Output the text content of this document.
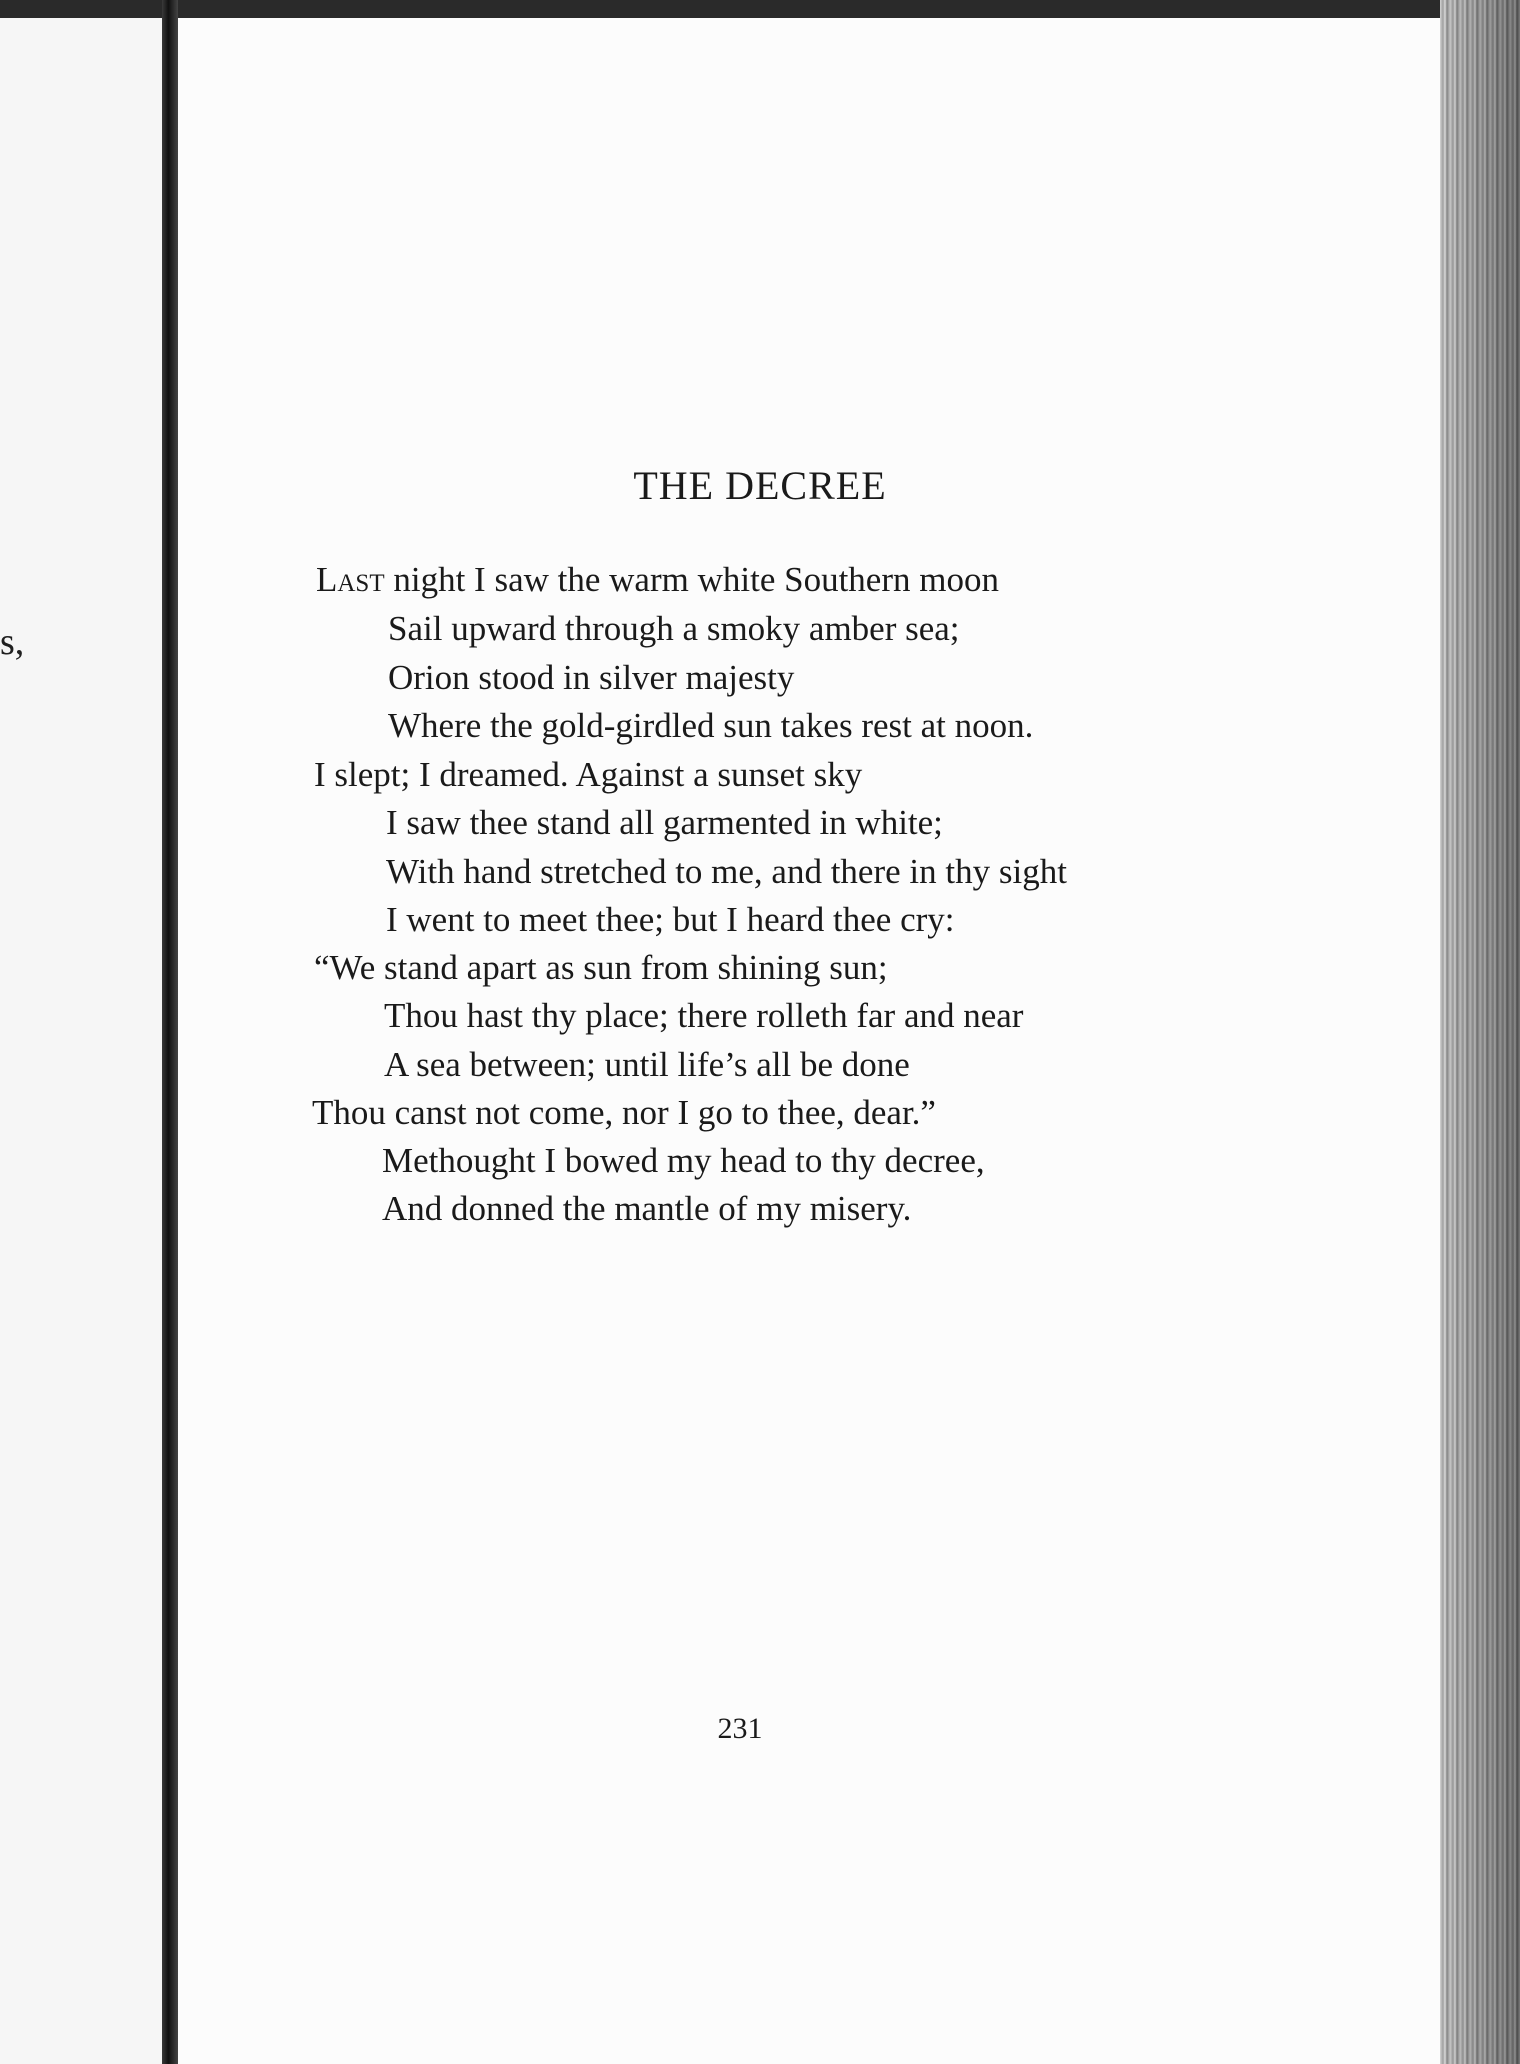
s,
THE DECREE
Last night I saw the warm white Southern moon
Sail upward through a smoky amber sea;
Orion stood in silver majesty
Where the gold-girdled sun takes rest at noon.
I slept; I dreamed. Against a sunset sky
I saw thee stand all garmented in white;
With hand stretched to me, and there in thy sight
I went to meet thee; but I heard thee cry:
“We stand apart as sun from shining sun;
Thou hast thy place; there rolleth far and near
A sea between; until life’s all be done
Thou canst not come, nor I go to thee, dear.”
Methought I bowed my head to thy decree,
And donned the mantle of my misery.
231
